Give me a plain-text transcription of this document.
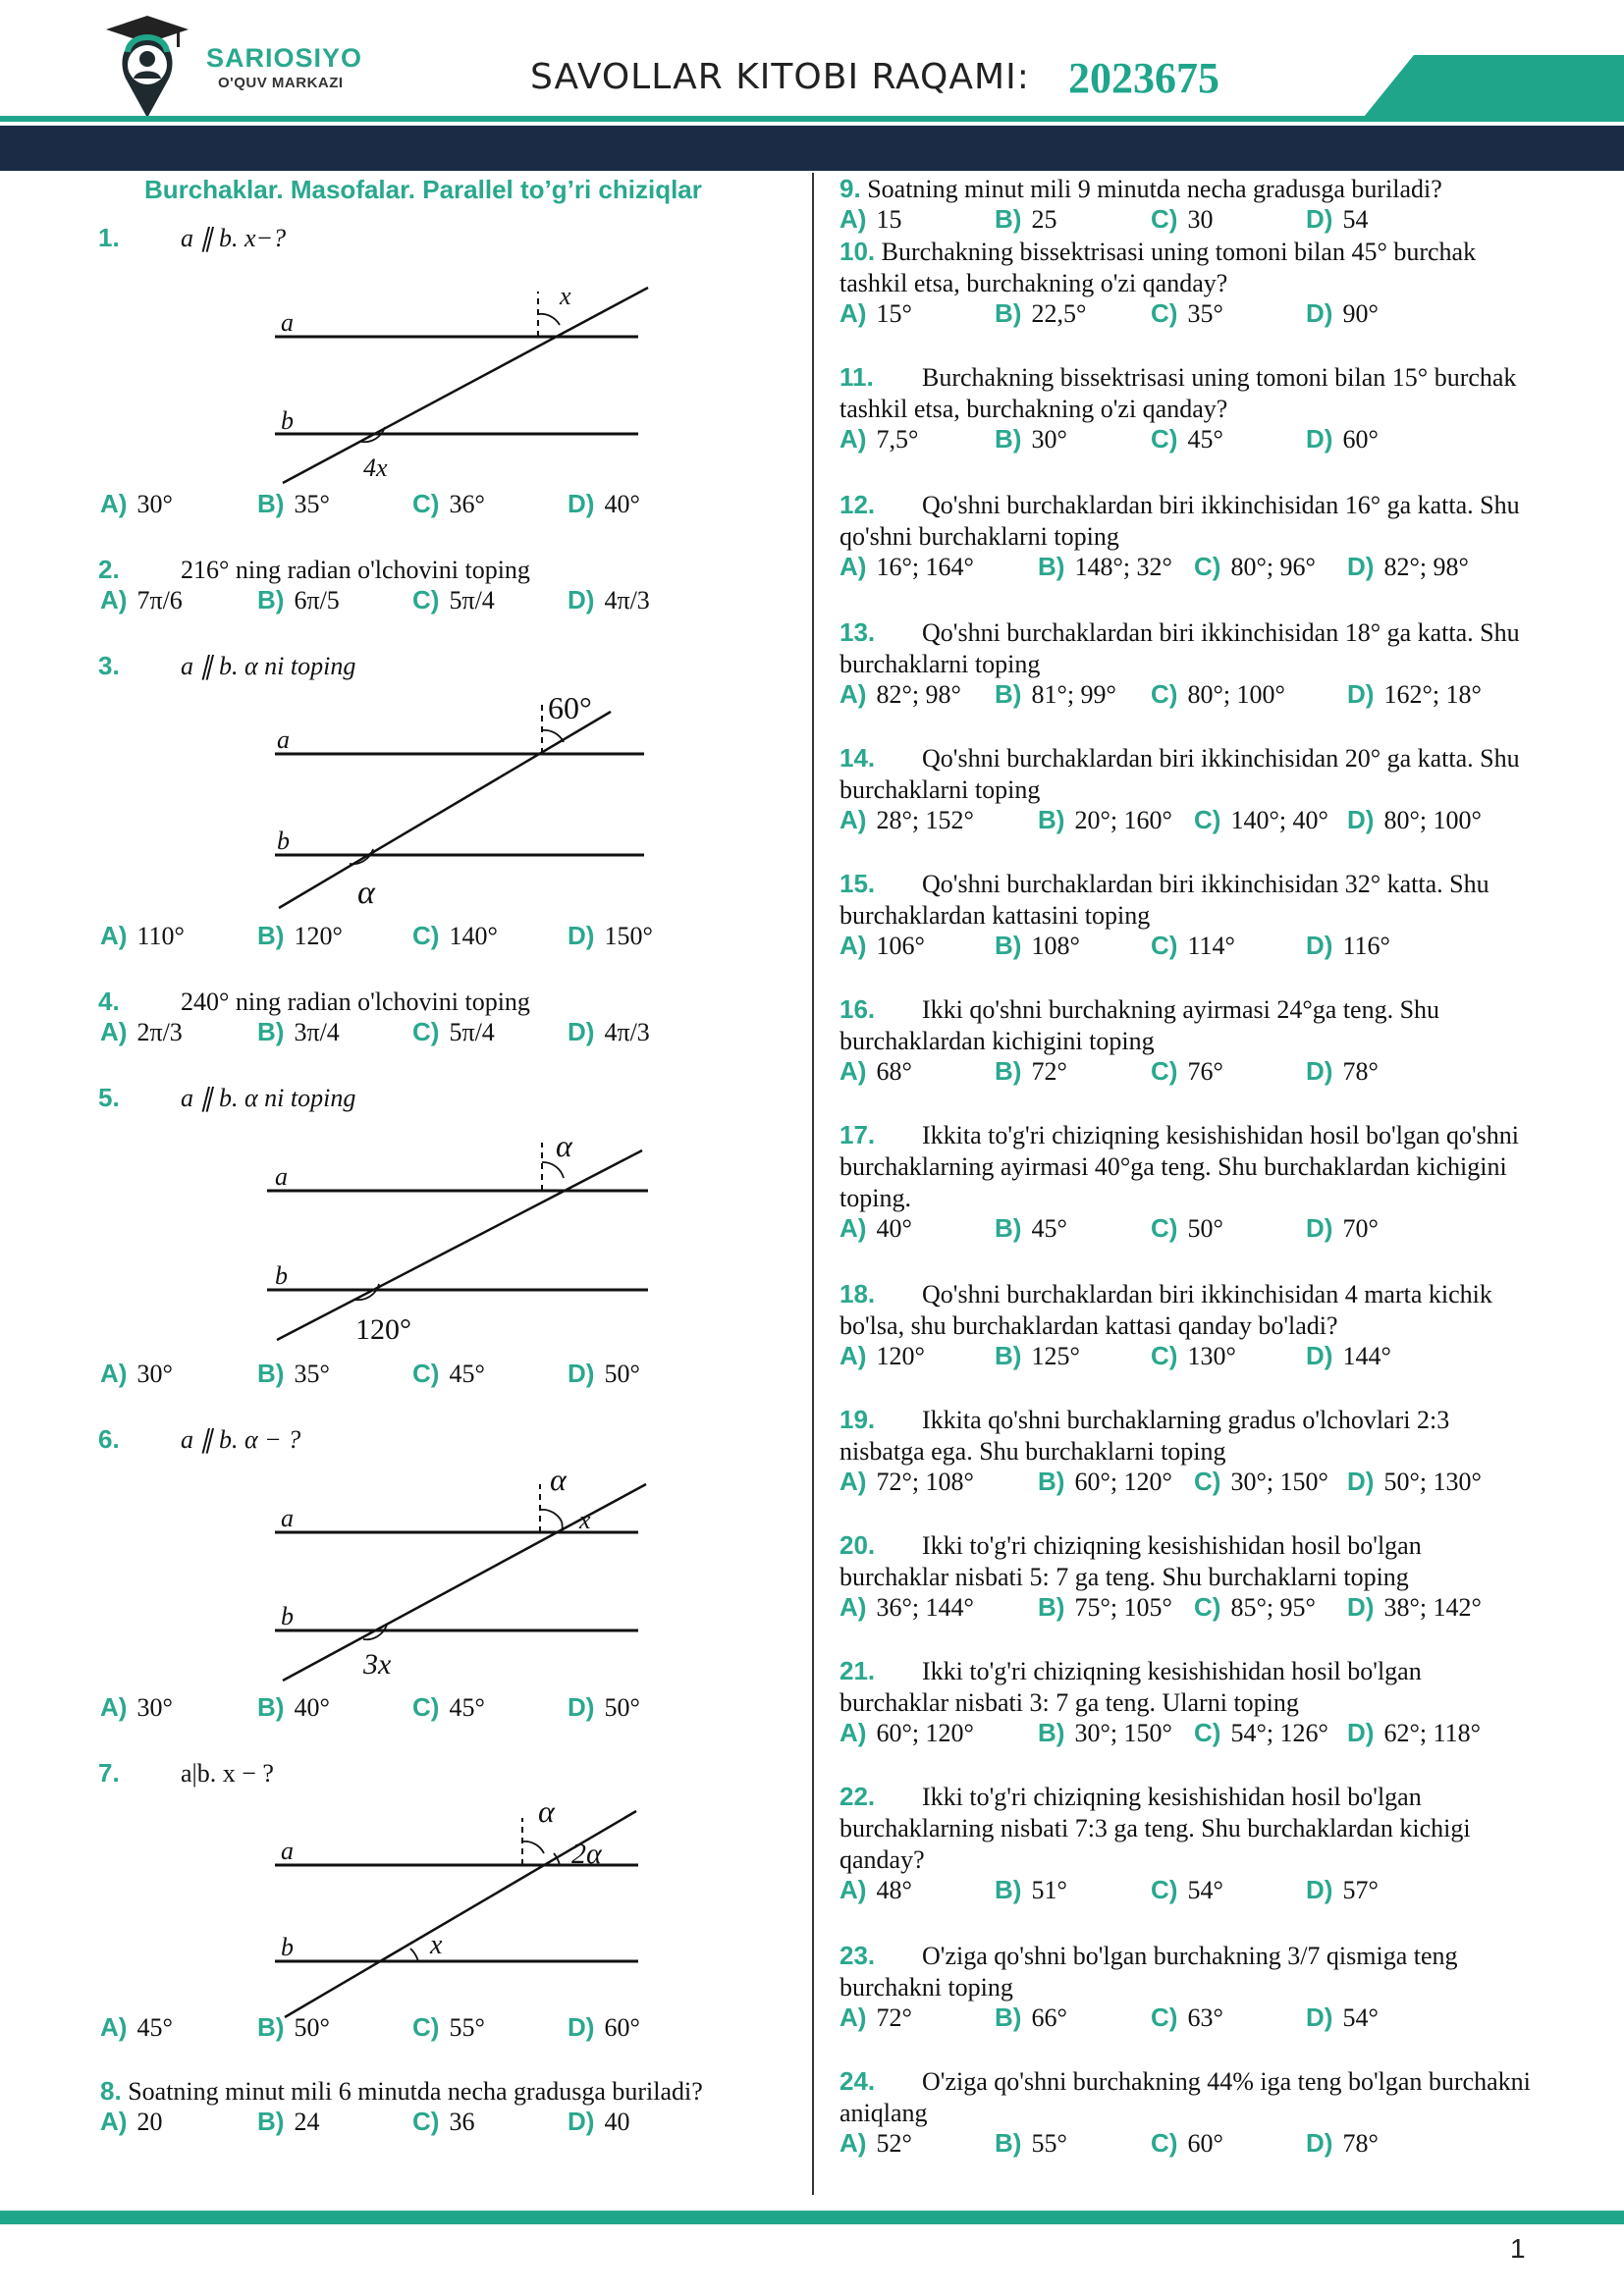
SARIOSIYO
O'QUV MARKAZI	SAVOLLAR KITOBI RAQAMI: 2023675
Burchaklar. Masofalar. Parallel to’g’ri chiziqlar
1. a ∥ b. x−?
a
b
x
4x
A) 30°	B) 35°	C) 36°	D) 40°
2. 216° ning radian o'lchovini toping
A) 7π/6	B) 6π/5	C) 5π/4	D) 4π/3
3. a ∥ b. α ni toping
a
b
60°
α
A) 110°	B) 120°	C) 140°	D) 150°
4. 240° ning radian o'lchovini toping
A) 2π/3	B) 3π/4	C) 5π/4	D) 4π/3
5. a ∥ b. α ni toping
a
b
α
120°
A) 30°	B) 35°	C) 45°	D) 50°
6. a ∥ b. α − ?
a
b
α
x
3x
A) 30°	B) 40°	C) 45°	D) 50°
7. a|b. x − ?
a
b
α
2α
x
A) 45°	B) 50°	C) 55°	D) 60°
8. Soatning minut mili 6 minutda necha gradusga buriladi?
A) 20	B) 24	C) 36	D) 40
9. Soatning minut mili 9 minutda necha gradusga buriladi?
A) 15	B) 25	C) 30	D) 54
10. Burchakning bissektrisasi uning tomoni bilan 45° burchak tashkil etsa, burchakning o'zi qanday?
A) 15°	B) 22,5°	C) 35°	D) 90°
11. Burchakning bissektrisasi uning tomoni bilan 15° burchak tashkil etsa, burchakning o'zi qanday?
A) 7,5°	B) 30°	C) 45°	D) 60°
12. Qo'shni burchaklardan biri ikkinchisidan 16° ga katta. Shu qo'shni burchaklarni toping
A) 16°; 164°	B) 148°; 32° C) 80°; 96° D) 82°; 98°
13. Qo'shni burchaklardan biri ikkinchisidan 18° ga katta. Shu burchaklarni toping
A) 82°; 98° B) 81°; 99° C) 80°; 100° D) 162°; 18°
14. Qo'shni burchaklardan biri ikkinchisidan 20° ga katta. Shu burchaklarni toping
A) 28°; 152°	B) 20°; 160° C) 140°; 40° D) 80°; 100°
15. Qo'shni burchaklardan biri ikkinchisidan 32° katta. Shu burchaklardan kattasini toping
A) 106°	B) 108°	C) 114°	D) 116°
16. Ikki qo'shni burchakning ayirmasi 24°ga teng. Shu burchaklardan kichigini toping
A) 68°	B) 72°	C) 76°	D) 78°
17. Ikkita to'g'ri chiziqning kesishishidan hosil bo'lgan qo'shni burchaklarning ayirmasi 40°ga teng. Shu burchaklardan kichigini toping.
A) 40°	B) 45°	C) 50°	D) 70°
18. Qo'shni burchaklardan biri ikkinchisidan 4 marta kichik bo'lsa, shu burchaklardan kattasi qanday bo'ladi?
A) 120°	B) 125°	C) 130°	D) 144°
19. Ikkita qo'shni burchaklarning gradus o'lchovlari 2:3 nisbatga ega. Shu burchaklarni toping
A) 72°; 108°	B) 60°; 120° C) 30°; 150° D) 50°; 130°
20. Ikki to'g'ri chiziqning kesishishidan hosil bo'lgan burchaklar nisbati 5: 7 ga teng. Shu burchaklarni toping
A) 36°; 144°	B) 75°; 105° C) 85°; 95° D) 38°; 142°
21. Ikki to'g'ri chiziqning kesishishidan hosil bo'lgan burchaklar nisbati 3: 7 ga teng. Ularni toping
A) 60°; 120°	B) 30°; 150° C) 54°; 126° D) 62°; 118°
22. Ikki to'g'ri chiziqning kesishishidan hosil bo'lgan burchaklarning nisbati 7:3 ga teng. Shu burchaklardan kichigi qanday?
A) 48°	B) 51°	C) 54°	D) 57°
23. O'ziga qo'shni bo'lgan burchakning 3/7 qismiga teng burchakni toping
A) 72°	B) 66°	C) 63°	D) 54°
24. O'ziga qo'shni burchakning 44% iga teng bo'lgan burchakni aniqlang
A) 52°	B) 55°	C) 60°	D) 78°
1
